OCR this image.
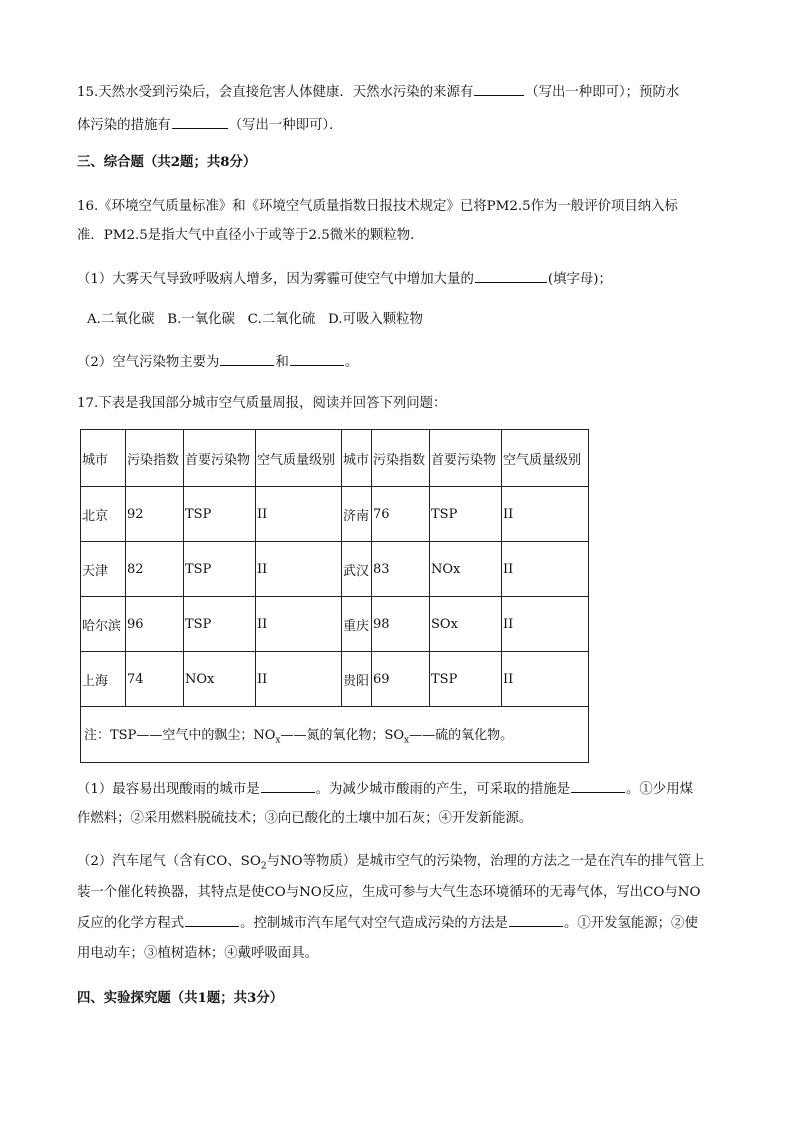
15.天然水受到污染后，会直接危害人体健康．天然水污染的来源有	（写出一种即可）；预防水
体污染的措施有	（写出一种即可）．
三、综合题（共2题；共8分）
16.《环境空气质量标准》和《环境空气质量指数日报技术规定》已将PM2.5作为一般评价项目纳入标
准．PM2.5是指大气中直径小于或等于2.5微米的颗粒物．
（1）大雾天气导致呼吸病人增多，因为雾霾可使空气中增加大量的	(填字母)；
A.二氧化碳   B.一氧化碳   C.二氧化硫   D.可吸入颗粒物
（2）空气污染物主要为	和	。
17.下表是我国部分城市空气质量周报，阅读并回答下列问题：
城市	污染指数	首要污染物	空气质量级别	城市	污染指数	首要污染物	空气质量级别
北京	92	TSP	II	济南	76	TSP	II
天津	82	TSP	II	武汉	83	NOx	II
哈尔滨	96	TSP	II	重庆	98	SOx	II
上海	74	NOx	II	贵阳	69	TSP	II
注：TSP——空气中的飘尘；$NO_x——$氮的氧化物；$SO_x——$硫的氧化物。							
（1）最容易出现酸雨的城市是	。为减少城市酸雨的产生，可采取的措施是	。①少用煤
作燃料；②采用燃料脱硫技术；③向已酸化的土壤中加石灰；④开发新能源。
（2）汽车尾气（含有CO、$SO_2$与NO等物质）是城市空气的污染物，治理的方法之一是在汽车的排气管上
装一个催化转换器，其特点是使CO与NO反应，生成可参与大气生态环境循环的无毒气体，写出CO与NO
反应的化学方程式	。控制城市汽车尾气对空气造成污染的方法是	。①开发氢能源；②使
用电动车；③植树造林；④戴呼吸面具。
四、实验探究题（共1题；共3分）
